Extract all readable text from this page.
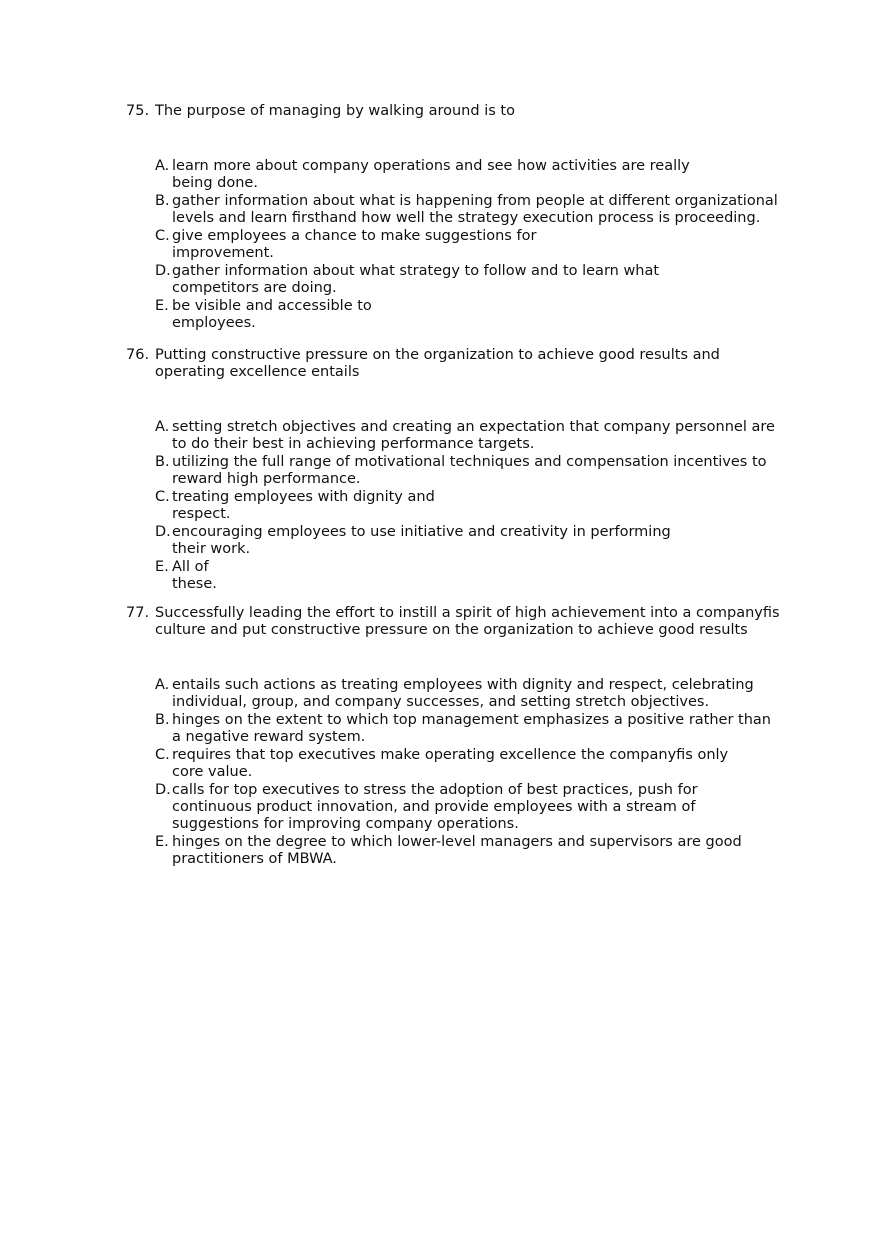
75. The purpose of managing by walking around is to
A. learn more about company operations and see how activities are really
being done.
B. gather information about what is happening from people at different organizational
levels and learn firsthand how well the strategy execution process is proceeding.
C. give employees a chance to make suggestions for
improvement.
D. gather information about what strategy to follow and to learn what
competitors are doing.
E. be visible and accessible to
employees.
76. Putting constructive pressure on the organization to achieve good results and
operating excellence entails
A. setting stretch objectives and creating an expectation that company personnel are
to do their best in achieving performance targets.
B. utilizing the full range of motivational techniques and compensation incentives to
reward high performance.
C. treating employees with dignity and
respect.
D. encouraging employees to use initiative and creativity in performing
their work.
E. All of
these.
77. Successfully leading the effort to instill a spirit of high achievement into a companyfis
culture and put constructive pressure on the organization to achieve good results
A. entails such actions as treating employees with dignity and respect, celebrating
individual, group, and company successes, and setting stretch objectives.
B. hinges on the extent to which top management emphasizes a positive rather than
a negative reward system.
C. requires that top executives make operating excellence the companyfis only
core value.
D. calls for top executives to stress the adoption of best practices, push for
continuous product innovation, and provide employees with a stream of
suggestions for improving company operations.
E. hinges on the degree to which lower-level managers and supervisors are good
practitioners of MBWA.
